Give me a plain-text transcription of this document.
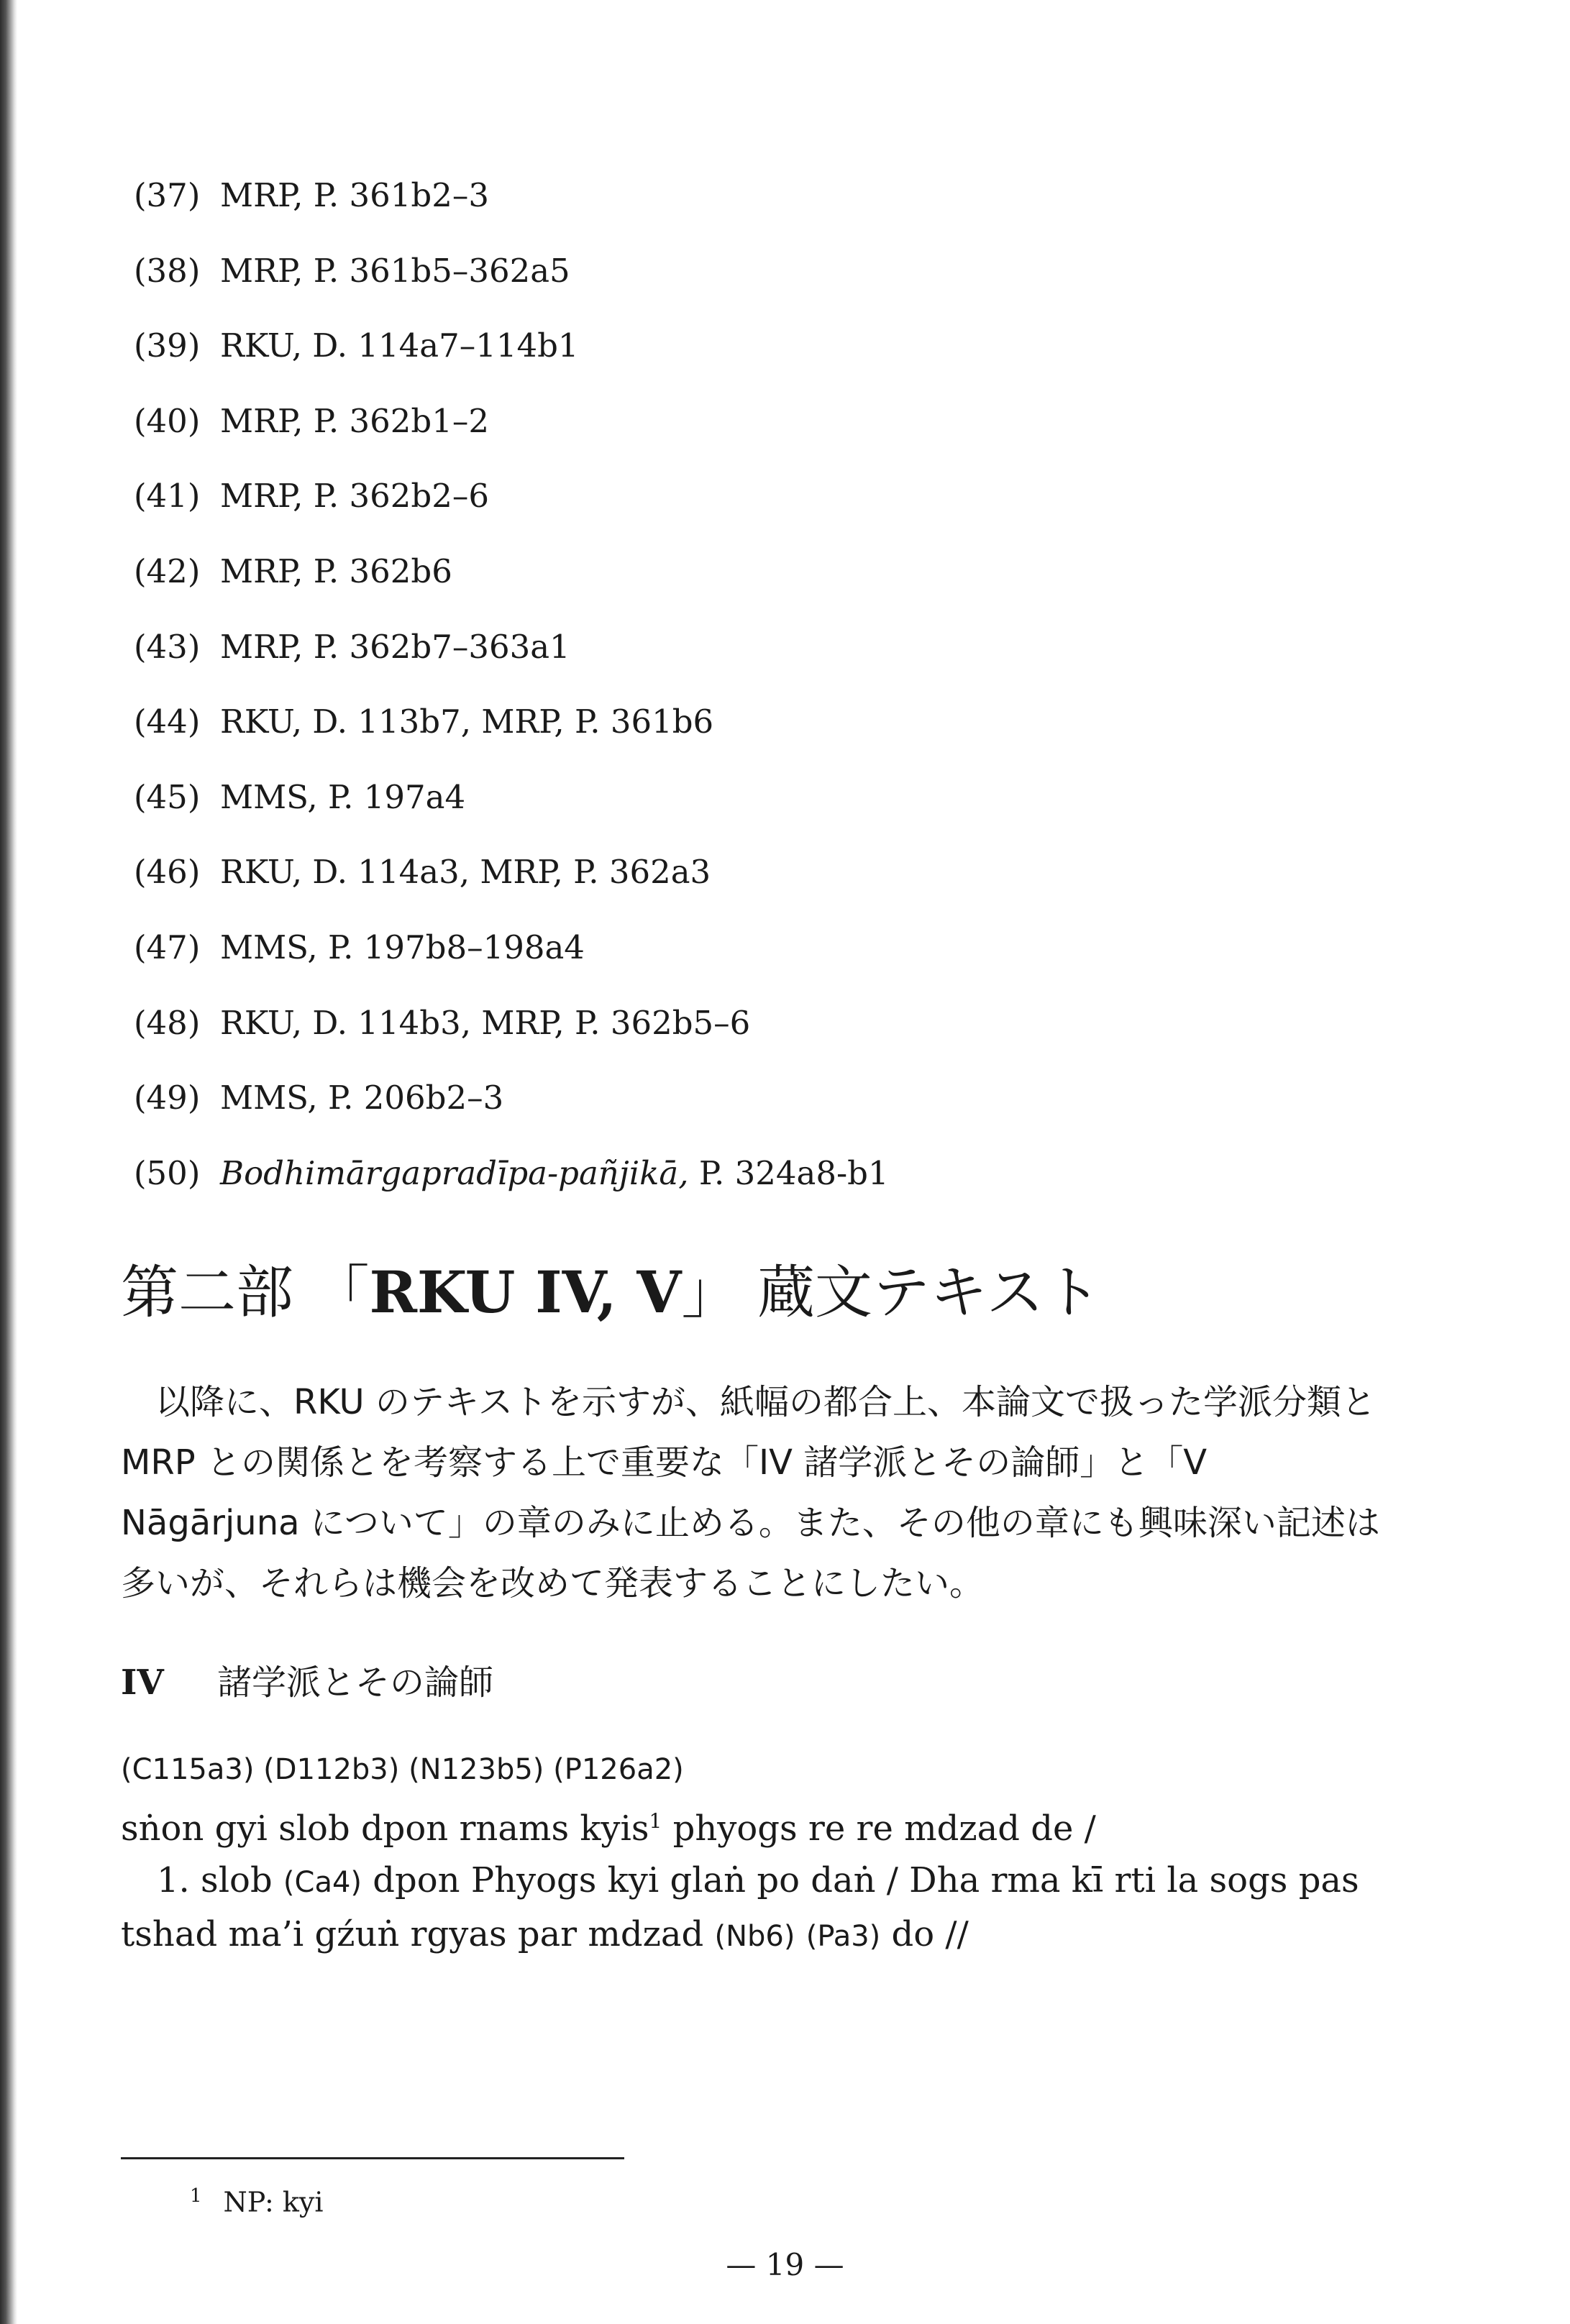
(37) MRP, P. 361b2–3
(38) MRP, P. 361b5–362a5
(39) RKU, D. 114a7–114b1
(40) MRP, P. 362b1–2
(41) MRP, P. 362b2–6
(42) MRP, P. 362b6
(43) MRP, P. 362b7–363a1
(44) RKU, D. 113b7, MRP, P. 361b6
(45) MMS, P. 197a4
(46) RKU, D. 114a3, MRP, P. 362a3
(47) MMS, P. 197b8–198a4
(48) RKU, D. 114b3, MRP, P. 362b5–6
(49) MMS, P. 206b2–3
(50) Bodhimārgapradīpa-pañjikā, P. 324a8-b1
第二部 「RKU IV, V」 蔵文テキスト

以降に、RKU のテキストを示すが、紙幅の都合上、本論文で扱った学派分類と MRP との関係とを考察する上で重要な「IV 諸学派とその論師」と「V Nāgārjuna について」の章のみに止める。また、その他の章にも興味深い記述は多いが、それらは機会を改めて発表することにしたい。

IV 諸学派とその論師
(C115a3) (D112b3) (N123b5) (P126a2)
sṅon gyi slob dpon rnams kyis$^1$ phyogs re re mdzad de /
1. slob (Ca4) dpon Phyogs kyi glaṅ po daṅ / Dha rma kī rti la sogs pas
tshad ma’i gźuṅ rgyas par mdzad (Nb6) (Pa3) do //
$^1$ NP: kyi
— 19 —
